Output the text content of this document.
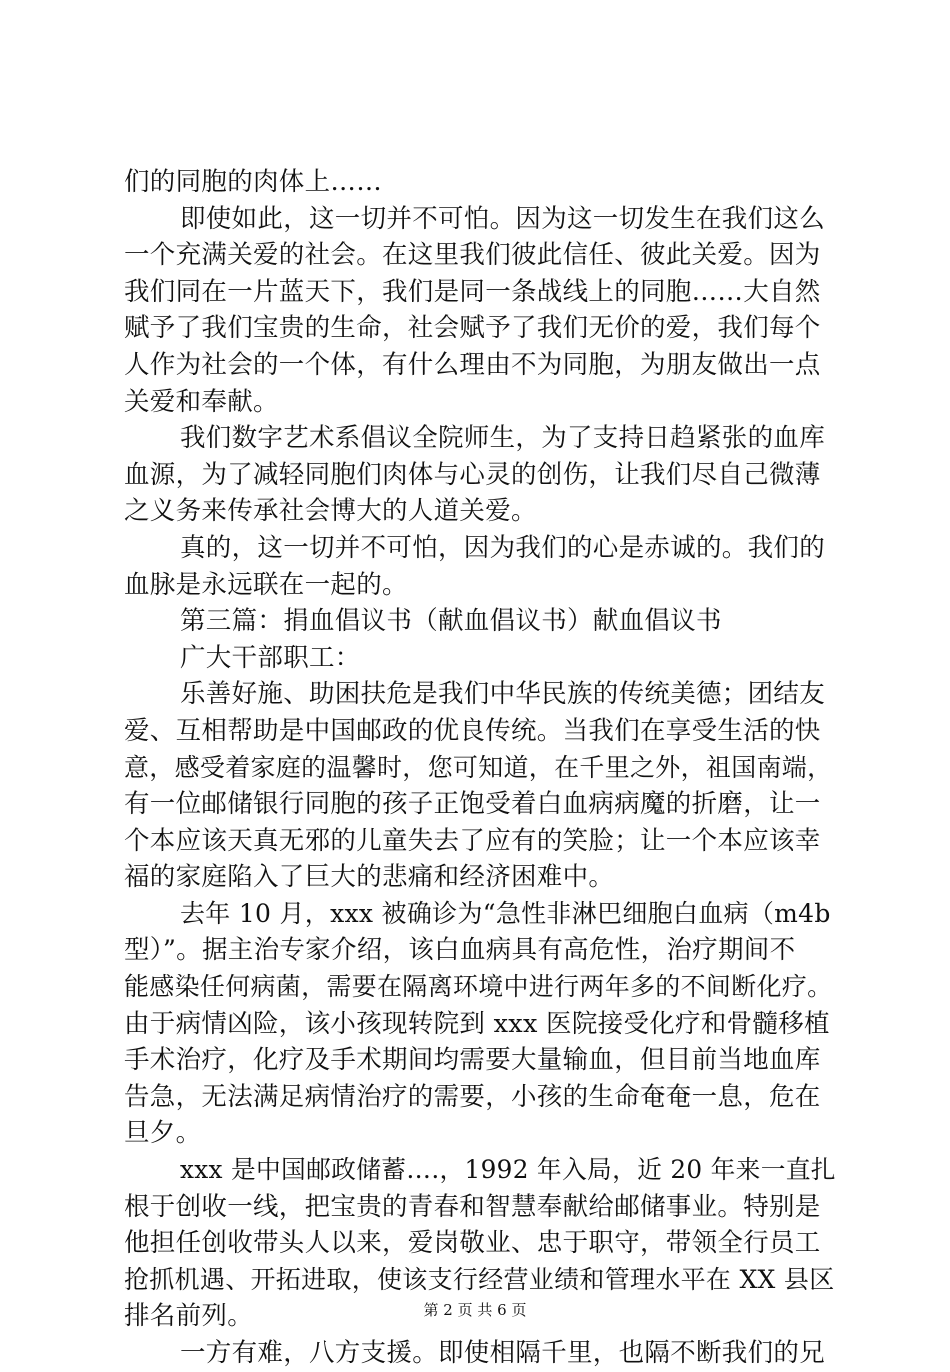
们的同胞的肉体上……
即使如此，这一切并不可怕。因为这一切发生在我们这么
一个充满关爱的社会。在这里我们彼此信任、彼此关爱。因为
我们同在一片蓝天下，我们是同一条战线上的同胞……大自然
赋予了我们宝贵的生命，社会赋予了我们无价的爱，我们每个
人作为社会的一个体，有什么理由不为同胞，为朋友做出一点
关爱和奉献。
我们数字艺术系倡议全院师生，为了支持日趋紧张的血库
血源，为了减轻同胞们肉体与心灵的创伤，让我们尽自己微薄
之义务来传承社会博大的人道关爱。
真的，这一切并不可怕，因为我们的心是赤诚的。我们的
血脉是永远联在一起的。
第三篇：捐血倡议书（献血倡议书）献血倡议书
广大干部职工：
乐善好施、助困扶危是我们中华民族的传统美德；团结友
爱、互相帮助是中国邮政的优良传统。当我们在享受生活的快
意，感受着家庭的温馨时，您可知道，在千里之外，祖国南端，
有一位邮储银行同胞的孩子正饱受着白血病病魔的折磨，让一
个本应该天真无邪的儿童失去了应有的笑脸；让一个本应该幸
福的家庭陷入了巨大的悲痛和经济困难中。
去年 10 月，xxx 被确诊为“急性非淋巴细胞白血病（m4b
型）”。据主治专家介绍，该白血病具有高危性，治疗期间不
能感染任何病菌，需要在隔离环境中进行两年多的不间断化疗。
由于病情凶险，该小孩现转院到 xxx 医院接受化疗和骨髓移植
手术治疗，化疗及手术期间均需要大量输血，但目前当地血库
告急，无法满足病情治疗的需要，小孩的生命奄奄一息，危在
旦夕。
xxx 是中国邮政储蓄….，1992 年入局，近 20 年来一直扎
根于创收一线，把宝贵的青春和智慧奉献给邮储事业。特别是
他担任创收带头人以来，爱岗敬业、忠于职守，带领全行员工
抢抓机遇、开拓进取，使该支行经营业绩和管理水平在 XX 县区
排名前列。
一方有难，八方支援。即使相隔千里，也隔不断我们的兄
第 2 页 共 6 页
